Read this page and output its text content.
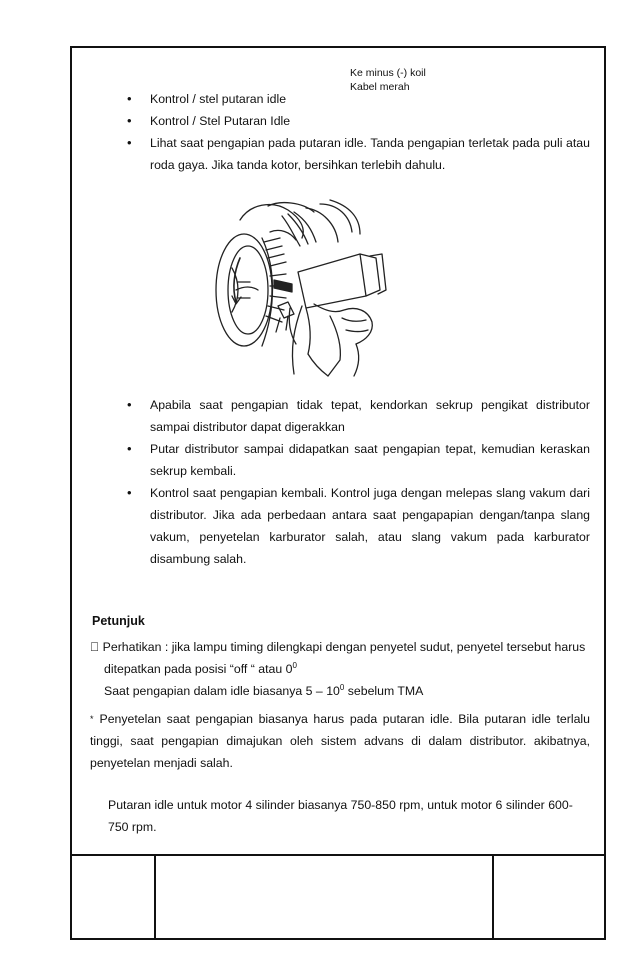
Ke minus (-) koil
Kabel merah
• Kontrol / stel putaran idle
• Kontrol / Stel Putaran Idle
• Lihat saat pengapian pada putaran idle. Tanda pengapian terletak pada puli atau roda gaya. Jika tanda kotor, bersihkan terlebih dahulu.
• Apabila saat pengapian tidak tepat, kendorkan sekrup pengikat distributor sampai distributor dapat digerakkan
• Putar distributor sampai didapatkan saat pengapian tepat, kemudian keraskan sekrup kembali.
• Kontrol saat pengapian kembali. Kontrol juga dengan melepas slang vakum dari distributor. Jika ada perbedaan antara saat pengapapian dengan/tanpa slang vakum, penyetelan karburator salah, atau slang vakum pada karburator disambung salah.
Petunjuk
Perhatikan : jika lampu timing dilengkapi dengan penyetel sudut, penyetel tersebut harus
ditepatkan pada posisi “off “ atau $0^0$
Saat pengapian dalam idle biasanya $5 - 10^0$ sebelum TMA
* Penyetelan saat pengapian biasanya harus pada putaran idle. Bila putaran idle terlalu tinggi, saat pengapian dimajukan oleh sistem advans di dalam distributor. akibatnya, penyetelan menjadi salah.
Putaran idle untuk motor 4 silinder biasanya 750-850 rpm, untuk motor 6 silinder 600-750 rpm.
